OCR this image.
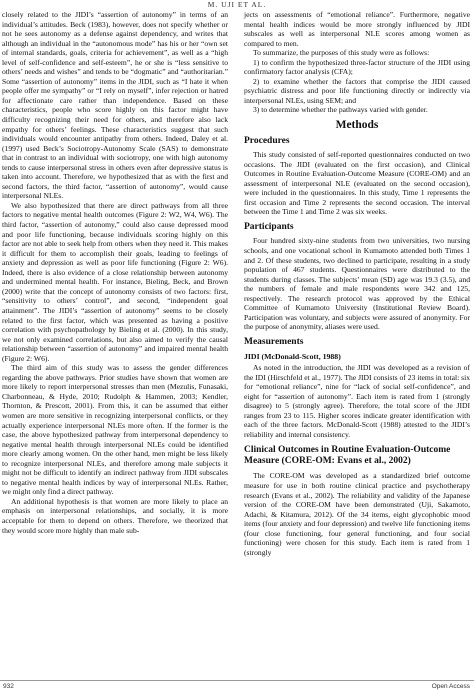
M. UJI ET AL.

closely related to the JIDI’s “assertion of autonomy” in terms of an individual’s attitudes. Beck (1983), however, does not specify whether or not he sees autonomy as a defense against dependency, and writes that although an individual in the “autonomous mode” has his or her “own set of internal standards, goals, criteria for achievement”, as well as a “high level of self-confidence and self-esteem”, he or she is “less sensitive to others’ needs and wishes” and tends to be “dogmatic” and “authoritarian.” Some “assertion of autonomy” items in the JIDI, such as “I hate it when people offer me sympathy” or “I rely on myself”, infer rejection or hatred for affectionate care rather than independence. Based on these characteristics, people who score highly on this factor might have difficulty recognizing their need for others, and therefore also lack empathy for others’ feelings. These characteristics suggest that such individuals would encounter antipathy from others. Indeed, Daley et al. (1997) used Beck’s Sociotropy-Autonomy Scale (SAS) to demonstrate that in contrast to an individual with sociotropy, one with high autonomy tends to cause interpersonal stress in others even after depressive status is taken into account. Therefore, we hypothesized that as with the first and second factors, the third factor, “assertion of autonomy”, would cause interpersonal NLEs.

We also hypothesized that there are direct pathways from all three factors to negative mental health outcomes (Figure 2: W2, W4, W6). The third factor, “assertion of autonomy,” could also cause depressed mood and poor life functioning, because individuals scoring highly on this factor are not able to seek help from others when they need it. This makes it difficult for them to accomplish their goals, leading to feelings of anxiety and depression as well as poor life functioning (Figure 2: W6). Indeed, there is also evidence of a close relationship between autonomy and undermined mental health. For instance, Bieling, Beck, and Brown (2000) write that the concept of autonomy consists of two factors: first, “sensitivity to others’ control”, and second, “independent goal attainment”. The JIDI’s “assertion of autonomy” seems to be closely related to the first factor, which was presented as having a positive correlation with psychopathology by Bieling et al. (2000). In this study, we not only examined correlations, but also aimed to verify the causal relationship between “assertion of autonomy” and impaired mental health (Figure 2: W6).

The third aim of this study was to assess the gender differences regarding the above pathways. Prior studies have shown that women are more likely to report interpersonal stresses than men (Mezulis, Funasaki, Charbonneau, & Hyde, 2010; Rudolph & Hammen, 2003; Kendler, Thornton, & Prescott, 2001). From this, it can be assumed that either women are more sensitive in recognizing interpersonal conflicts, or they actually experience interpersonal NLEs more often. If the former is the case, the above hypothesized pathway from interpersonal dependency to negative mental health through interpersonal NLEs could be identified more clearly among women. On the other hand, men might be less likely to recognize interpersonal NLEs, and therefore among male subjects it might not be difficult to identify an indirect pathway from JIDI subscales to negative mental health indices by way of interpersonal NLEs. Rather, we might only find a direct pathway.

An additional hypothesis is that women are more likely to place an emphasis on interpersonal relationships, and socially, it is more acceptable for them to depend on others. Therefore, we theorized that they would score more highly than male sub-

jects on assessments of “emotional reliance”. Furthermore, negative mental health indices would be more strongly influenced by JIDI subscales as well as interpersonal NLE scores among women as compared to men.

To summarize, the purposes of this study were as follows:

1) to confirm the hypothesized three-factor structure of the JIDI using confirmatory factor analysis (CFA);

2) to examine whether the factors that comprise the JIDI caused psychiatric distress and poor life functioning directly or indirectly via interpersonal NLEs, using SEM; and

3) to determine whether the pathways varied with gender.

Methods
Procedures

This study consisted of self-reported questionnaires conducted on two occasions. The JIDI (evaluated on the first occasion), and Clinical Outcomes in Routine Evaluation-Outcome Measure (CORE-OM) and an assessment of interpersonal NLE (evaluated on the second occasion), were included in the questionnaires. In this study, Time 1 represents the first occasion and Time 2 represents the second occasion. The interval between the Time 1 and Time 2 was six weeks.

Participants

Four hundred sixty-nine students from two universities, two nursing schools, and one vocational school in Kumamoto attended both Times 1 and 2. Of these students, two declined to participate, resulting in a study population of 467 students. Questionnaires were distributed to the students during classes. The subjects’ mean (SD) age was 19.3 (3.5), and the numbers of female and male respondents were 342 and 125, respectively. The research protocol was approved by the Ethical Committee of Kumamoto University (Institutional Review Board). Participation was voluntary, and subjects were assured of anonymity. For the purpose of anonymity, aliases were used.

Measurements
JIDI (McDonald-Scott, 1988)

As noted in the introduction, the JIDI was developed as a revision of the IDI (Hirschfeld et al., 1977). The JIDI consists of 23 items in total: six for “emotional reliance”, nine for “lack of social self-confidence”, and eight for “assertion of autonomy”. Each item is rated from 1 (strongly disagree) to 5 (strongly agree). Therefore, the total score of the JIDI ranges from 23 to 115. Higher scores indicate greater identification with each of the three factors. McDonald-Scott (1988) attested to the JIDI’s reliability and internal consistency.

Clinical Outcomes in Routine Evaluation-Outcome Measure (CORE-OM: Evans et al., 2002)

The CORE-OM was developed as a standardized brief outcome measure for use in both routine clinical practice and psychotherapy research (Evans et al., 2002). The reliability and validity of the Japanese version of the CORE-OM have been demonstrated (Uji, Sakamoto, Adachi, & Kitamura, 2012). Of the 34 items, eight glycophobic mood items (four anxiety and four depression) and twelve life functioning items (four close functioning, four general functioning, and four social functioning) were chosen for this study. Each item is rated from 1 (strongly

932	Open Access
